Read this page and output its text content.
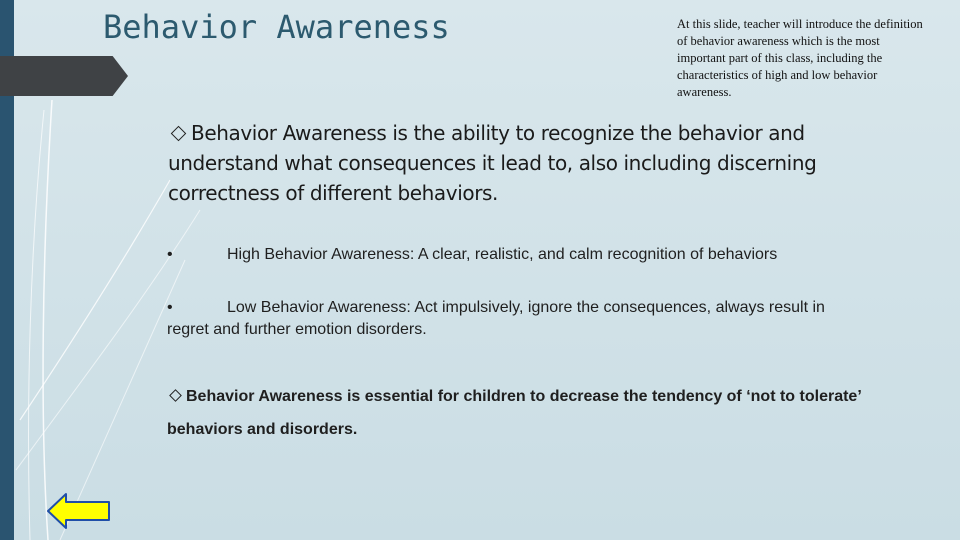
Behavior Awareness	At this slide, teacher will introduce the definition of behavior awareness which is the most important part of this class, including the characteristics of high and low behavior awareness.
Behavior Awareness is the ability to recognize the behavior and understand what consequences it lead to, also including discerning correctness of different behaviors.
•	High Behavior Awareness: A clear, realistic, and calm recognition of behaviors
•	Low Behavior Awareness: Act impulsively, ignore the consequences, always result in regret and further emotion disorders.
Behavior Awareness is essential for children to decrease the tendency of ‘not to tolerate’ behaviors and disorders.
